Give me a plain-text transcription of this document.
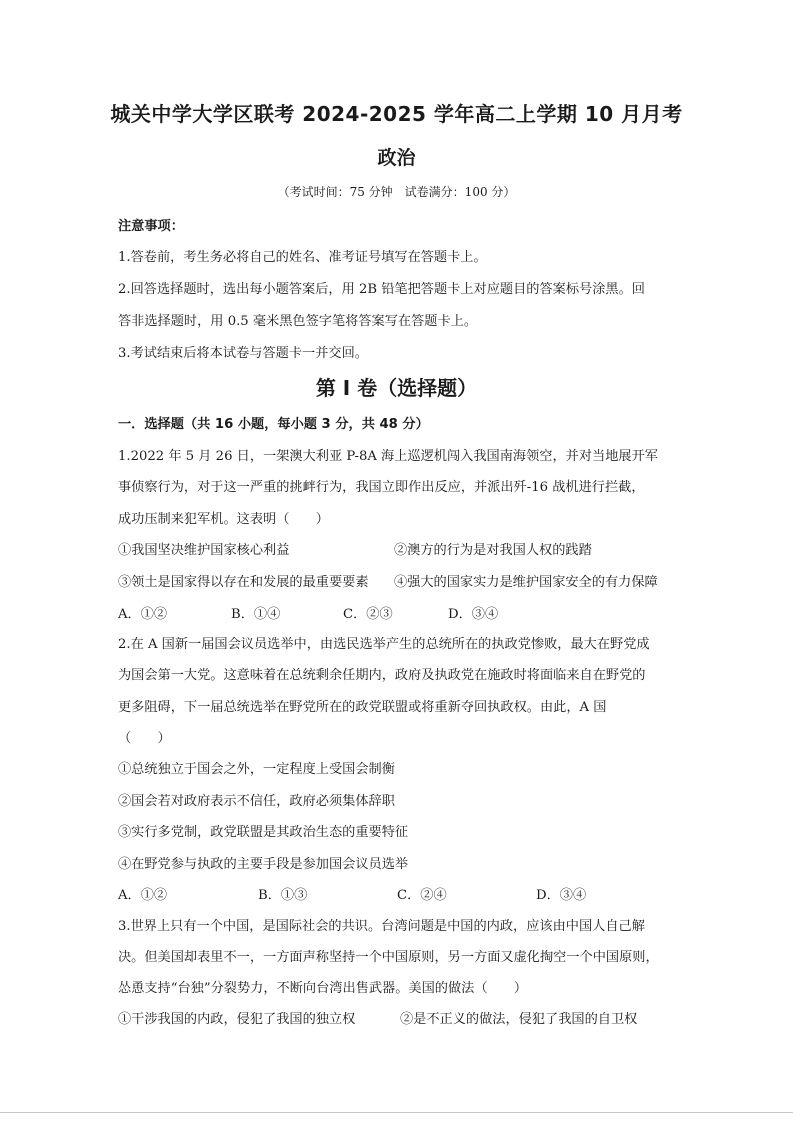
城关中学大学区联考 2024-2025 学年高二上学期 10 月月考
政治
（考试时间：75 分钟　试卷满分：100 分）
注意事项：
1.答卷前，考生务必将自己的姓名、准考证号填写在答题卡上。
2.回答选择题时，选出每小题答案后，用 2B 铅笔把答题卡上对应题目的答案标号涂黑。回
答非选择题时，用 0.5 毫米黑色签字笔将答案写在答题卡上。
3.考试结束后将本试卷与答题卡一并交回。
第 I 卷（选择题）
一．选择题（共 16 小题，每小题 3 分，共 48 分）
1.2022 年 5 月 26 日，一架澳大利亚 P-8A 海上巡逻机闯入我国南海领空，并对当地展开军
事侦察行为，对于这一严重的挑衅行为，我国立即作出反应，并派出歼-16 战机进行拦截，
成功压制来犯军机。这表明（　　）
①我国坚决维护国家核心利益	②澳方的行为是对我国人权的践踏
③领土是国家得以存在和发展的最重要要素 ④强大的国家实力是维护国家安全的有力保障
A．①②	B．①④	C．②③	D．③④
2.在 A 国新一届国会议员选举中，由选民选举产生的总统所在的执政党惨败，最大在野党成
为国会第一大党。这意味着在总统剩余任期内，政府及执政党在施政时将面临来自在野党的
更多阻碍，下一届总统选举在野党所在的政党联盟或将重新夺回执政权。由此，A 国
（　　）
①总统独立于国会之外，一定程度上受国会制衡
②国会若对政府表示不信任，政府必须集体辞职
③实行多党制，政党联盟是其政治生态的重要特征
④在野党参与执政的主要手段是参加国会议员选举
A．①②	B．①③	C．②④	D．③④
3.世界上只有一个中国，是国际社会的共识。台湾问题是中国的内政，应该由中国人自己解
决。但美国却表里不一，一方面声称坚持一个中国原则，另一方面又虚化掏空一个中国原则，
怂恿支持“台独”分裂势力，不断向台湾出售武器。美国的做法（　　）
①干涉我国的内政，侵犯了我国的独立权	②是不正义的做法，侵犯了我国的自卫权
